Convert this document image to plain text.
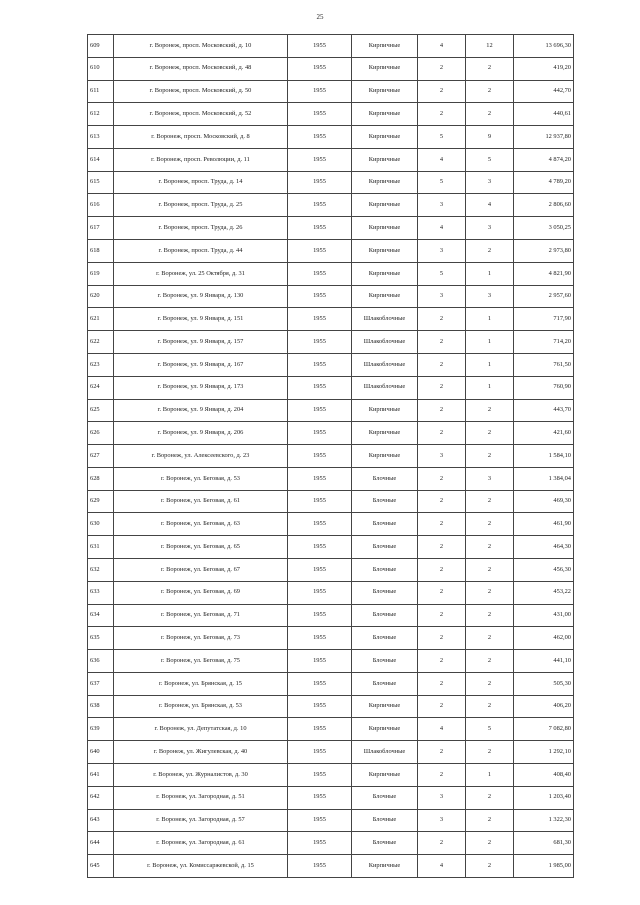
25
609	г. Воронеж, просп. Московский, д. 10	1955	Кирпичные	4	12	13 696,30
610	г. Воронеж, просп. Московский, д. 48	1955	Кирпичные	2	2	419,20
611	г. Воронеж, просп. Московский, д. 50	1955	Кирпичные	2	2	442,70
612	г. Воронеж, просп. Московский, д. 52	1955	Кирпичные	2	2	440,61
613	г. Воронеж, просп. Московский, д. 8	1955	Кирпичные	5	9	12 937,80
614	г. Воронеж, просп. Революции, д. 11	1955	Кирпичные	4	5	4 874,20
615	г. Воронеж, просп. Труда, д. 14	1955	Кирпичные	5	3	4 789,20
616	г. Воронеж, просп. Труда, д. 25	1955	Кирпичные	3	4	2 806,60
617	г. Воронеж, просп. Труда, д. 26	1955	Кирпичные	4	3	3 050,25
618	г. Воронеж, просп. Труда, д. 44	1955	Кирпичные	3	2	2 973,80
619	г. Воронеж, ул. 25 Октября, д. 31	1955	Кирпичные	5	1	4 821,90
620	г. Воронеж, ул. 9 Января, д. 130	1955	Кирпичные	3	3	2 957,60
621	г. Воронеж, ул. 9 Января, д. 151	1955	Шлакоблочные	2	1	717,90
622	г. Воронеж, ул. 9 Января, д. 157	1955	Шлакоблочные	2	1	714,20
623	г. Воронеж, ул. 9 Января, д. 167	1955	Шлакоблочные	2	1	761,50
624	г. Воронеж, ул. 9 Января, д. 173	1955	Шлакоблочные	2	1	760,90
625	г. Воронеж, ул. 9 Января, д. 204	1955	Кирпичные	2	2	443,70
626	г. Воронеж, ул. 9 Января, д. 206	1955	Кирпичные	2	2	421,60
627	г. Воронеж, ул. Алексеевского, д. 23	1955	Кирпичные	3	2	1 584,10
628	г. Воронеж, ул. Беговая, д. 53	1955	Блочные	2	3	1 384,04
629	г. Воронеж, ул. Беговая, д. 61	1955	Блочные	2	2	469,30
630	г. Воронеж, ул. Беговая, д. 63	1955	Блочные	2	2	461,90
631	г. Воронеж, ул. Беговая, д. 65	1955	Блочные	2	2	464,30
632	г. Воронеж, ул. Беговая, д. 67	1955	Блочные	2	2	456,30
633	г. Воронеж, ул. Беговая, д. 69	1955	Блочные	2	2	453,22
634	г. Воронеж, ул. Беговая, д. 71	1955	Блочные	2	2	431,00
635	г. Воронеж, ул. Беговая, д. 73	1955	Блочные	2	2	462,00
636	г. Воронеж, ул. Беговая, д. 75	1955	Блочные	2	2	441,10
637	г. Воронеж, ул. Брянская, д. 15	1955	Блочные	2	2	505,30
638	г. Воронеж, ул. Брянская, д. 53	1955	Кирпичные	2	2	406,20
639	г. Воронеж, ул. Депутатская, д. 10	1955	Кирпичные	4	5	7 082,80
640	г. Воронеж, ул. Жигулевская, д. 40	1955	Шлакоблочные	2	2	1 292,10
641	г. Воронеж, ул. Журналистов, д. 30	1955	Кирпичные	2	1	408,40
642	г. Воронеж, ул. Загородная, д. 51	1955	Блочные	3	2	1 203,40
643	г. Воронеж, ул. Загородная, д. 57	1955	Блочные	3	2	1 322,30
644	г. Воронеж, ул. Загородная, д. 61	1955	Блочные	2	2	681,30
645	г. Воронеж, ул. Комиссаржевской, д. 15	1955	Кирпичные	4	2	1 985,00
